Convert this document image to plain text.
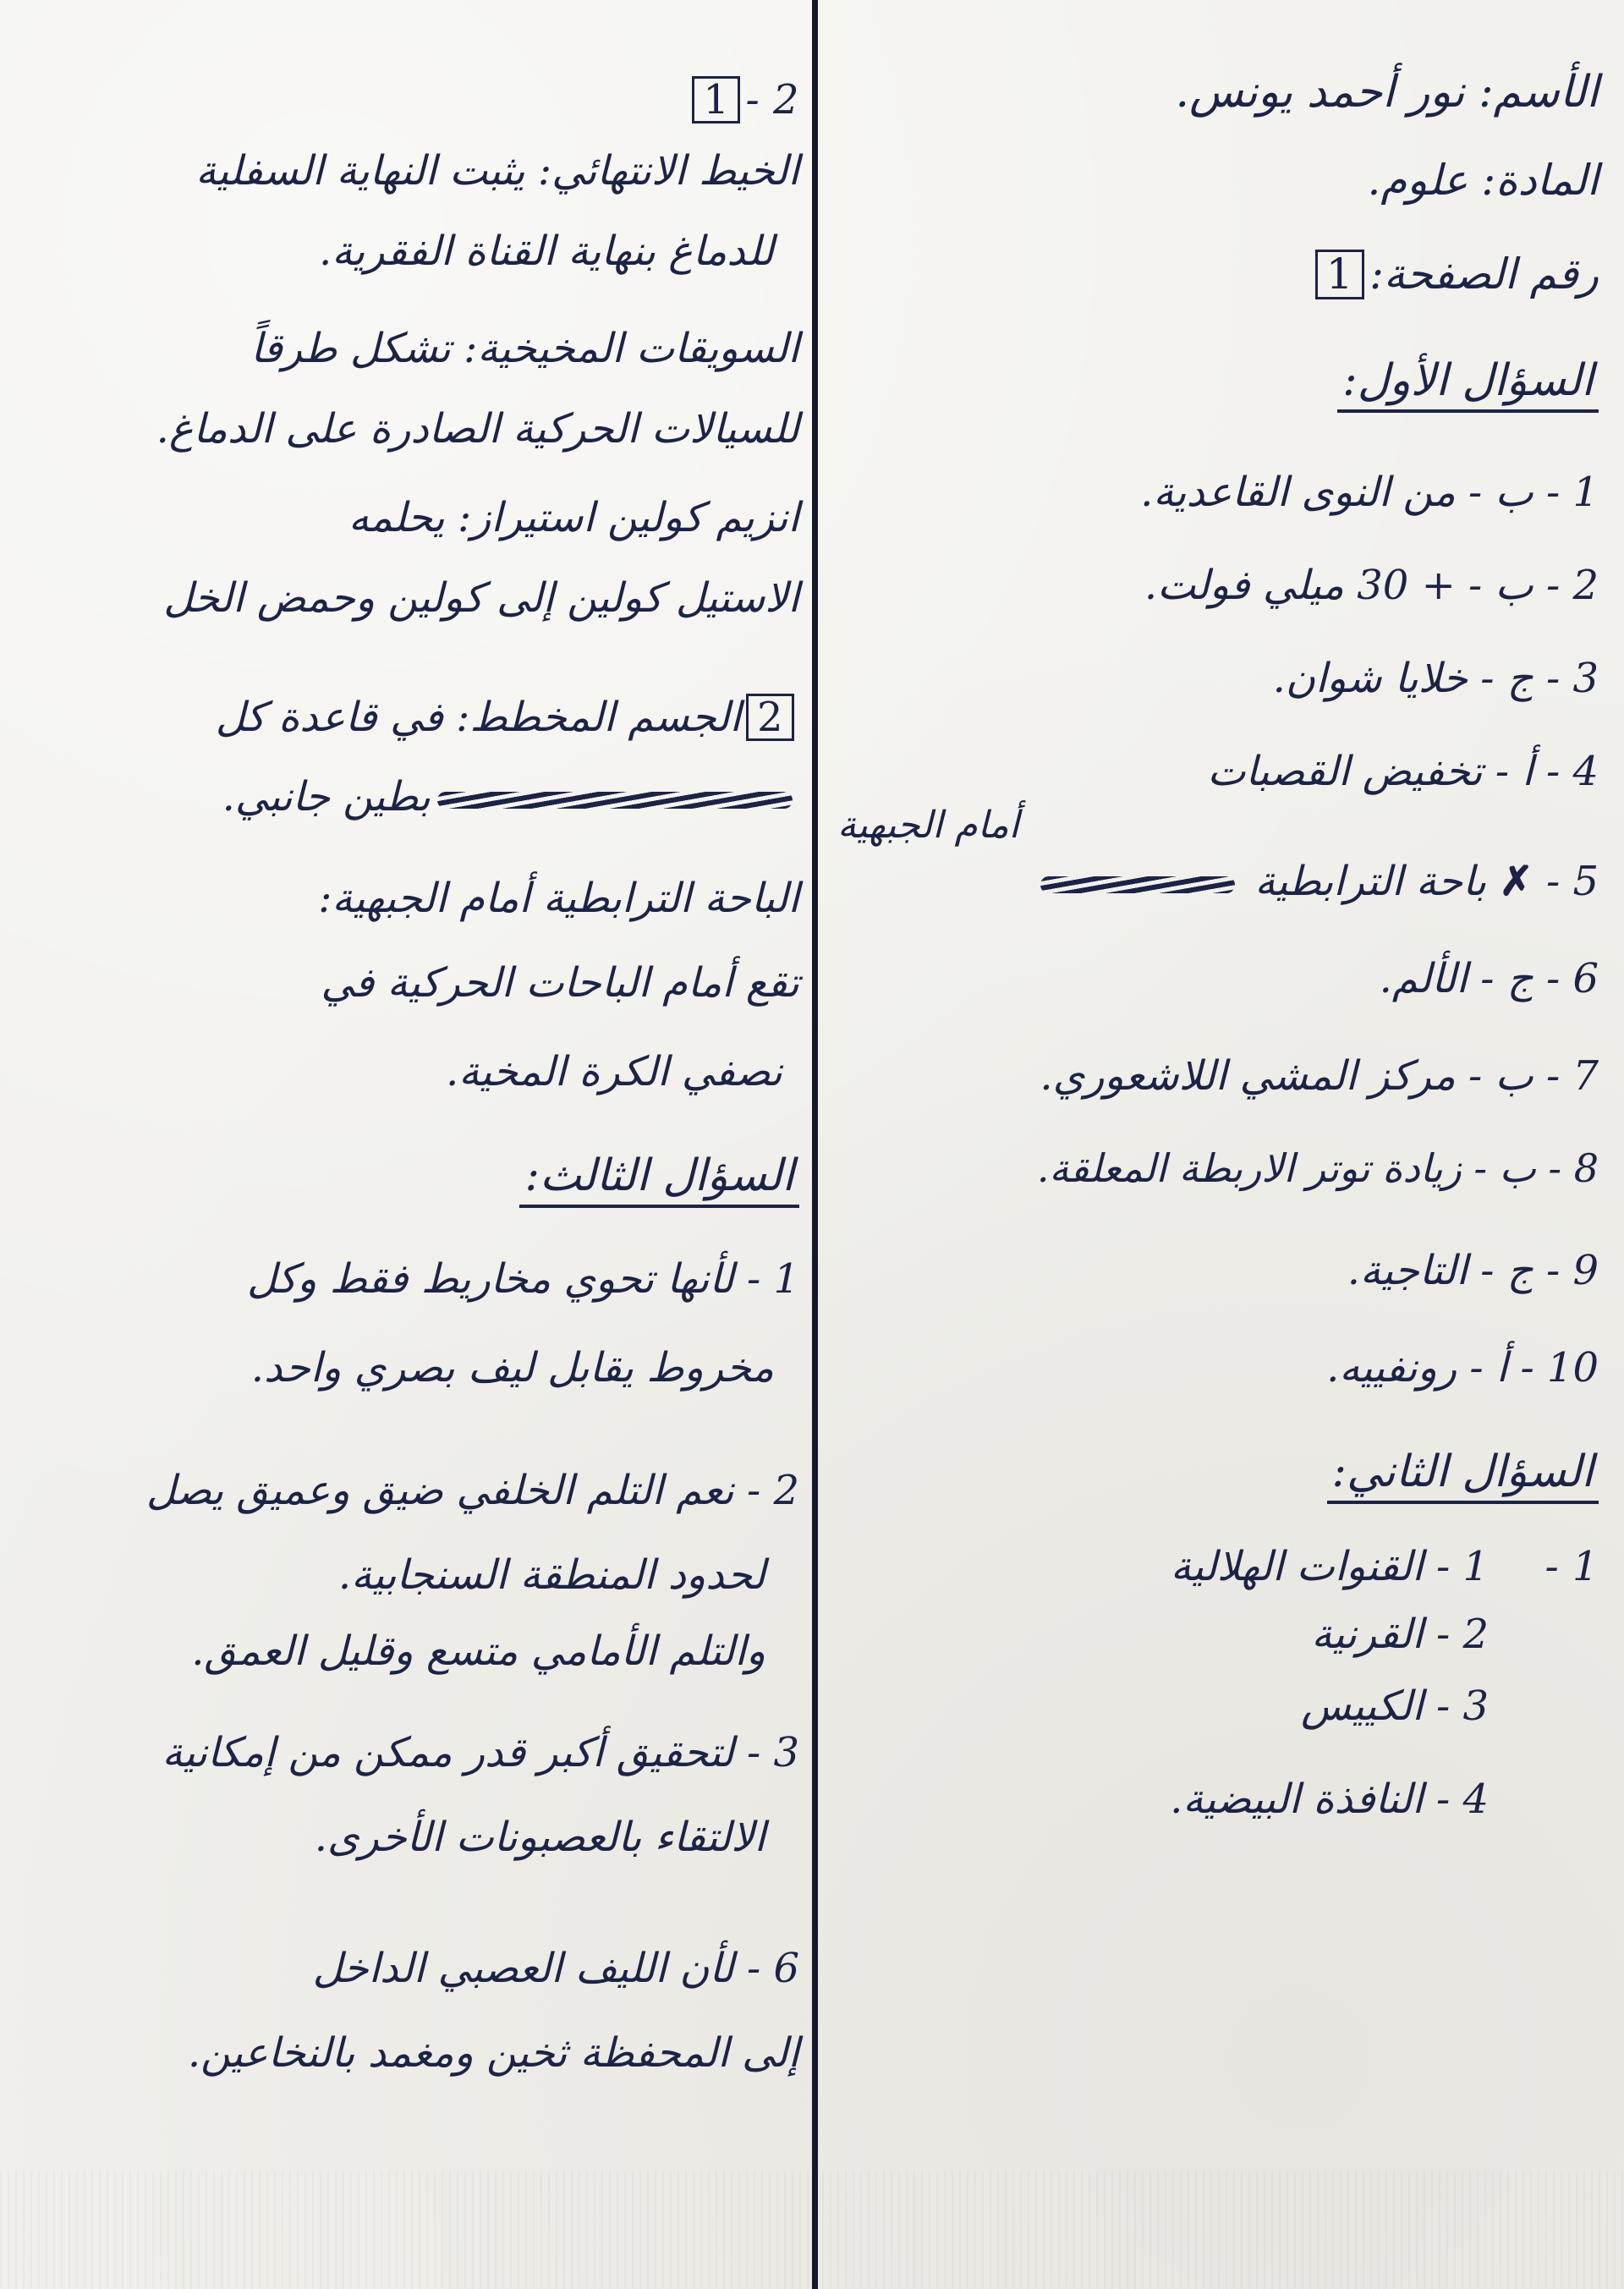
الأسم: نور أحمد يونس.
المادة: علوم.
رقم الصفحة:1
السؤال الأول:
1 - ب - من النوى القاعدية.
2 - ب - + 30 ميلي فولت.
3 - ج - خلايا شوان.
4 - أ - تخفيض القصبات
أمام الجبهية
5 - ✗ باحة الترابطية
6 - ج - الألم.
7 - ب - مركز المشي اللاشعوري.
8 - ب - زيادة توتر الاربطة المعلقة.
9 - ج - التاجية.
10 - أ - رونفييه.
السؤال الثاني:
1 -
1 - القنوات الهلالية
2 - القرنية
3 - الكييس
4 - النافذة البيضية.
2 -1
الخيط الانتهائي: يثبت النهاية السفلية
للدماغ بنهاية القناة الفقرية.
السويقات المخيخية: تشكل طرقاً
للسيالات الحركية الصادرة على الدماغ.
انزيم كولين استيراز: يحلمه
الاستيل كولين إلى كولين وحمض الخل
2الجسم المخطط: في قاعدة كل
بطين جانبي.
الباحة الترابطية أمام الجبهية:
تقع أمام الباحات الحركية في
نصفي الكرة المخية.
السؤال الثالث:
1 - لأنها تحوي مخاريط فقط وكل
مخروط يقابل ليف بصري واحد.
2 - نعم التلم الخلفي ضيق وعميق يصل
لحدود المنطقة السنجابية.
والتلم الأمامي متسع وقليل العمق.
3 - لتحقيق أكبر قدر ممكن من إمكانية
الالتقاء بالعصبونات الأخرى.
6 - لأن الليف العصبي الداخل
إلى المحفظة ثخين ومغمد بالنخاعين.
